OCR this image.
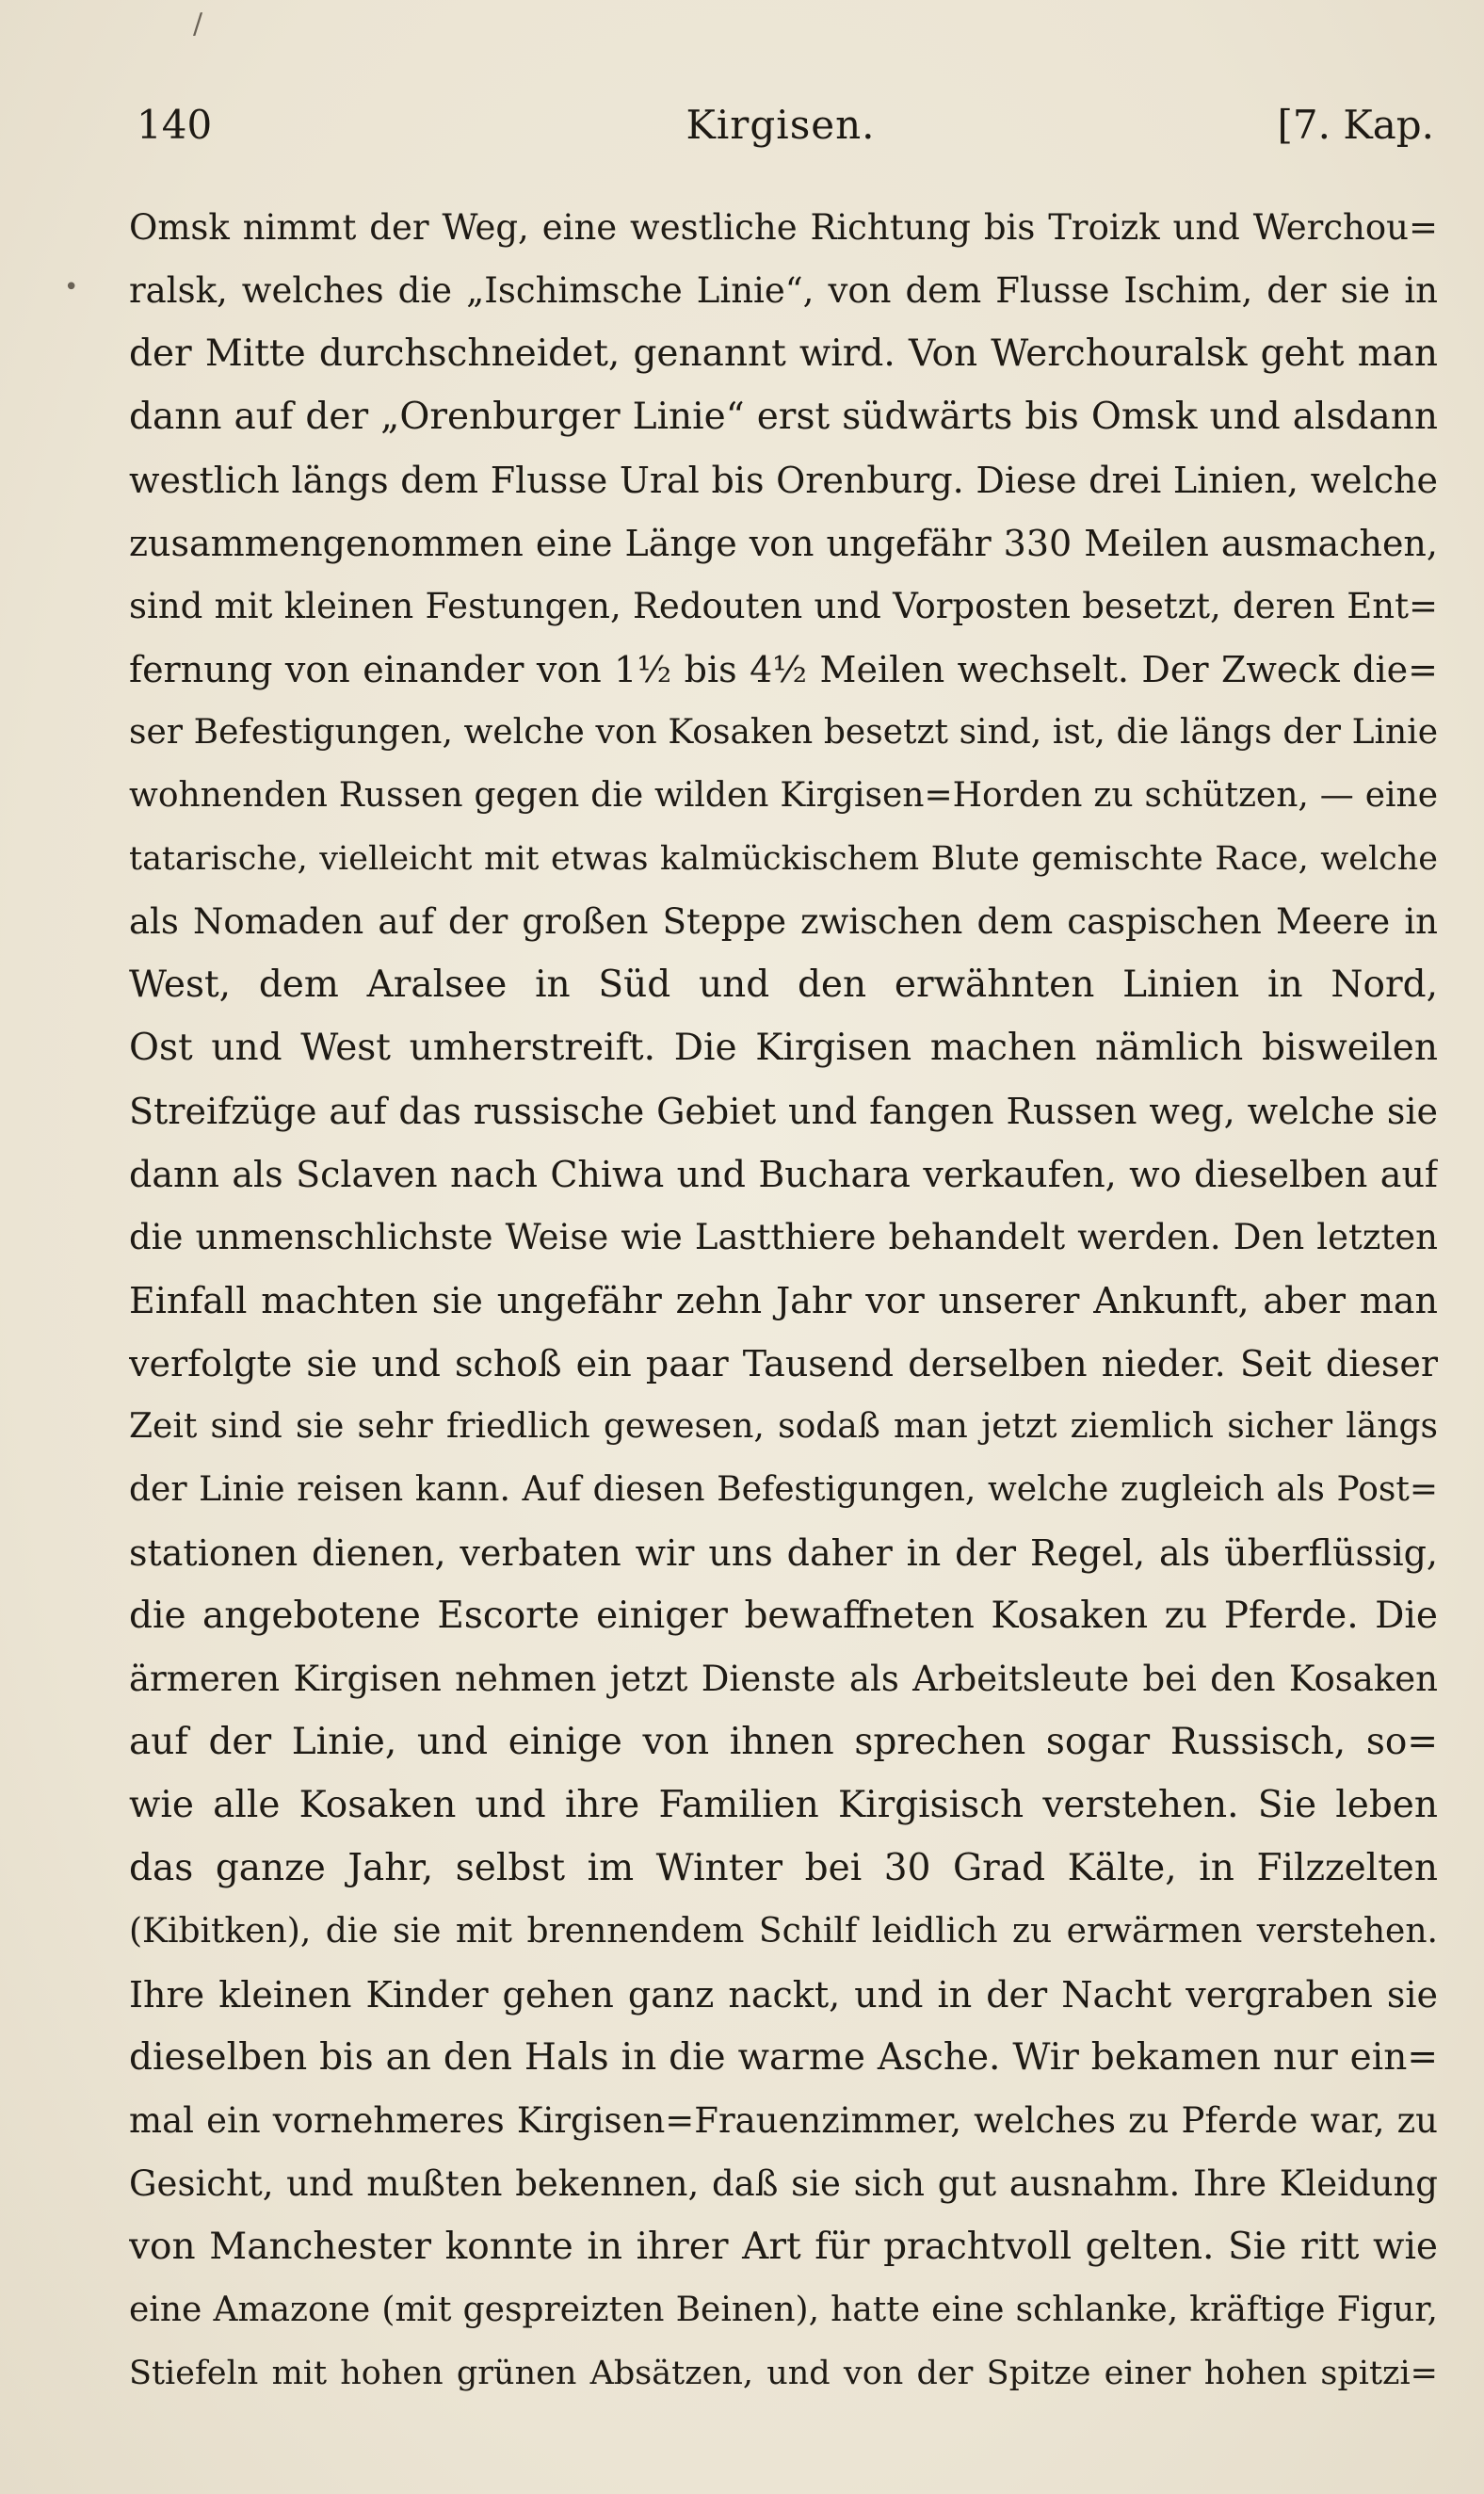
/
•
140	Kirgisen.	[7. Kap.
Omsk nimmt der Weg, eine westliche Richtung bis Troizk und Werchou=
ralsk, welches die „Ischimsche Linie“, von dem Flusse Ischim, der sie in
der Mitte durchschneidet, genannt wird. Von Werchouralsk geht man
dann auf der „Orenburger Linie“ erst südwärts bis Omsk und alsdann
westlich längs dem Flusse Ural bis Orenburg. Diese drei Linien, welche
zusammengenommen eine Länge von ungefähr 330 Meilen ausmachen,
sind mit kleinen Festungen, Redouten und Vorposten besetzt, deren Ent=
fernung von einander von 1½ bis 4½ Meilen wechselt. Der Zweck die=
ser Befestigungen, welche von Kosaken besetzt sind, ist, die längs der Linie
wohnenden Russen gegen die wilden Kirgisen=Horden zu schützen, — eine
tatarische, vielleicht mit etwas kalmückischem Blute gemischte Race, welche
als Nomaden auf der großen Steppe zwischen dem caspischen Meere in
West, dem Aralsee in Süd und den erwähnten Linien in Nord,
Ost und West umherstreift. Die Kirgisen machen nämlich bisweilen
Streifzüge auf das russische Gebiet und fangen Russen weg, welche sie
dann als Sclaven nach Chiwa und Buchara verkaufen, wo dieselben auf
die unmenschlichste Weise wie Lastthiere behandelt werden. Den letzten
Einfall machten sie ungefähr zehn Jahr vor unserer Ankunft, aber man
verfolgte sie und schoß ein paar Tausend derselben nieder. Seit dieser
Zeit sind sie sehr friedlich gewesen, sodaß man jetzt ziemlich sicher längs
der Linie reisen kann. Auf diesen Befestigungen, welche zugleich als Post=
stationen dienen, verbaten wir uns daher in der Regel, als überflüssig,
die angebotene Escorte einiger bewaffneten Kosaken zu Pferde. Die
ärmeren Kirgisen nehmen jetzt Dienste als Arbeitsleute bei den Kosaken
auf der Linie, und einige von ihnen sprechen sogar Russisch, so=
wie alle Kosaken und ihre Familien Kirgisisch verstehen. Sie leben
das ganze Jahr, selbst im Winter bei 30 Grad Kälte, in Filzzelten
(Kibitken), die sie mit brennendem Schilf leidlich zu erwärmen verstehen.
Ihre kleinen Kinder gehen ganz nackt, und in der Nacht vergraben sie
dieselben bis an den Hals in die warme Asche. Wir bekamen nur ein=
mal ein vornehmeres Kirgisen=Frauenzimmer, welches zu Pferde war, zu
Gesicht, und mußten bekennen, daß sie sich gut ausnahm. Ihre Kleidung
von Manchester konnte in ihrer Art für prachtvoll gelten. Sie ritt wie
eine Amazone (mit gespreizten Beinen), hatte eine schlanke, kräftige Figur,
Stiefeln mit hohen grünen Absätzen, und von der Spitze einer hohen spitzi=
